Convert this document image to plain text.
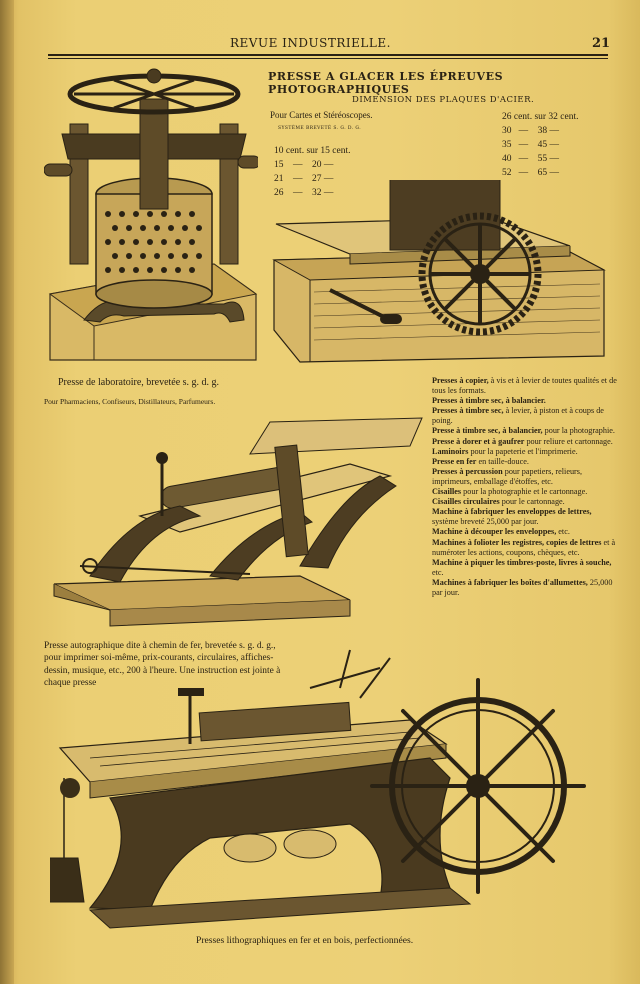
REVUE INDUSTRIELLE.	21
PRESSE A GLACER LES ÉPREUVES PHOTOGRAPHIQUES
DIMENSION DES PLAQUES D'ACIER.
Pour Cartes et Stéréoscopes.
SYSTÈME BREVETÉ S. G. D. G.
10 cent. sur 15 cent.
15 — 20 —
21 — 27 —
26 — 32 —
26 cent. sur 32 cent.
30 — 38 —
35 — 45 —
40 — 55 —
52 — 65 —
Presse de laboratoire, brevetée s. g. d. g.
Pour Pharmaciens, Confiseurs, Distillateurs, Parfumeurs.
Presse autographique dite à chemin de fer, brevetée s. g. d. g., pour imprimer soi-même, prix-courants, circulaires, affiches-dessin, musique, etc., 200 à l'heure. Une instruction est jointe à chaque presse
Presses à copier, à vis et à levier de toutes qualités et de tous les formats.
Presses à timbre sec, à balancier.
Presses à timbre sec, à levier, à piston et à coups de poing.
Presse à timbre sec, à balancier, pour la photographie.
Presse à dorer et à gaufrer pour reliure et cartonnage.
Laminoirs pour la papeterie et l'imprimerie.
Presse en fer en taille-douce.
Presses à percussion pour papetiers, relieurs, imprimeurs, emballage d'étoffes, etc.
Cisailles pour la photographie et le cartonnage.
Cisailles circulaires pour le cartonnage.
Machine à fabriquer les enveloppes de lettres, système breveté 25,000 par jour.
Machine à découper les enveloppes, etc.
Machines à folioter les registres, copies de lettres et à numéroter les actions, coupons, chèques, etc.
Machine à piquer les timbres-poste, livres à souche, etc.
Machines à fabriquer les boîtes d'allumettes, 25,000 par jour.
Presses lithographiques en fer et en bois, perfectionnées.
